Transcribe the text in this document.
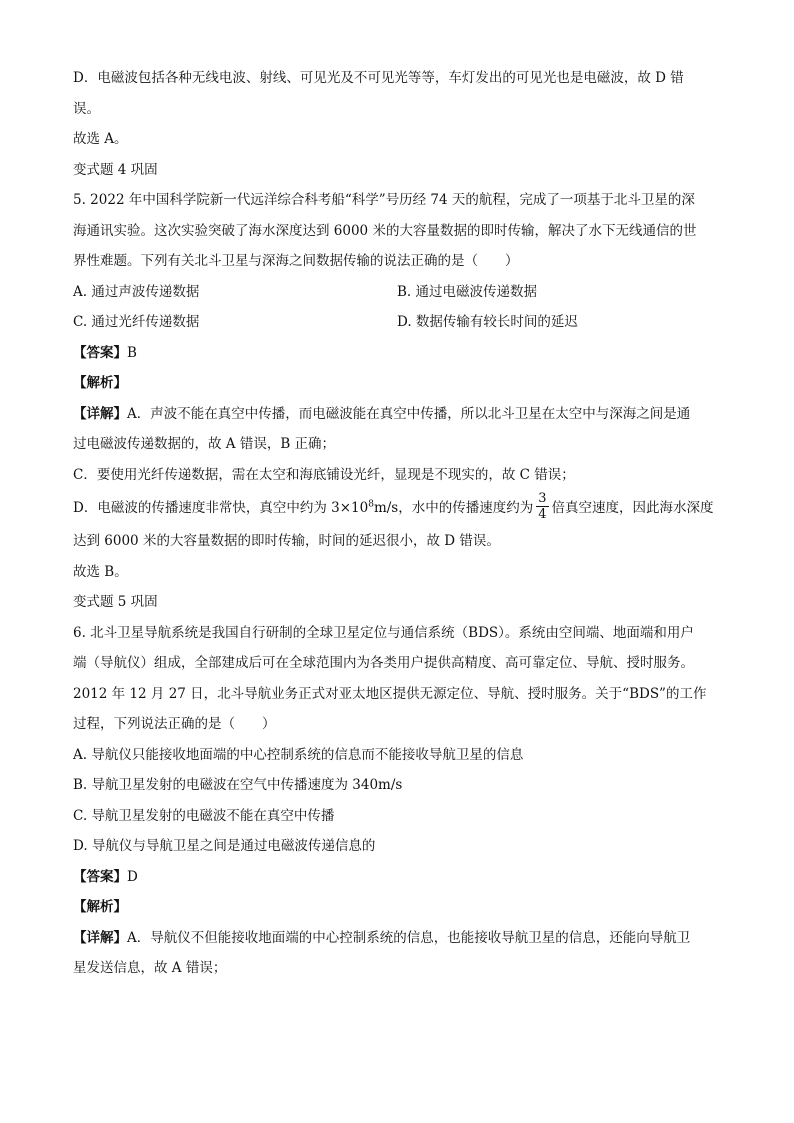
D．电磁波包括各种无线电波、射线、可见光及不可见光等等，车灯发出的可见光也是电磁波，故 D 错
误。
故选 A。
变式题 4 巩固
5. 2022 年中国科学院新一代远洋综合科考船“科学”号历经 74 天的航程，完成了一项基于北斗卫星的深
海通讯实验。这次实验突破了海水深度达到 6000 米的大容量数据的即时传输，解决了水下无线通信的世
界性难题。下列有关北斗卫星与深海之间数据传输的说法正确的是（　　）
A. 通过声波传递数据	B. 通过电磁波传递数据
C. 通过光纤传递数据	D. 数据传输有较长时间的延迟
【答案】B
【解析】
【详解】A．声波不能在真空中传播，而电磁波能在真空中传播，所以北斗卫星在太空中与深海之间是通
过电磁波传递数据的，故 A 错误，B 正确；
C．要使用光纤传递数据，需在太空和海底铺设光纤，显现是不现实的，故 C 错误；
D．电磁波的传播速度非常快，真空中约为 $3\times 10^8m/s$，水中的传播速度约为 $\frac{3}{4}$ 倍真空速度，因此海水深度
达到 6000 米的大容量数据的即时传输，时间的延迟很小，故 D 错误。
故选 B。
变式题 5 巩固
6. 北斗卫星导航系统是我国自行研制的全球卫星定位与通信系统（BDS）。系统由空间端、地面端和用户
端（导航仪）组成，全部建成后可在全球范围内为各类用户提供高精度、高可靠定位、导航、授时服务。
2012 年 12 月 27 日，北斗导航业务正式对亚太地区提供无源定位、导航、授时服务。关于“BDS”的工作
过程，下列说法正确的是（　　）
A. 导航仪只能接收地面端的中心控制系统的信息而不能接收导航卫星的信息
B. 导航卫星发射的电磁波在空气中传播速度为 340m/s
C. 导航卫星发射的电磁波不能在真空中传播
D. 导航仪与导航卫星之间是通过电磁波传递信息的
【答案】D
【解析】
【详解】A．导航仪不但能接收地面端的中心控制系统的信息，也能接收导航卫星的信息，还能向导航卫
星发送信息，故 A 错误；
